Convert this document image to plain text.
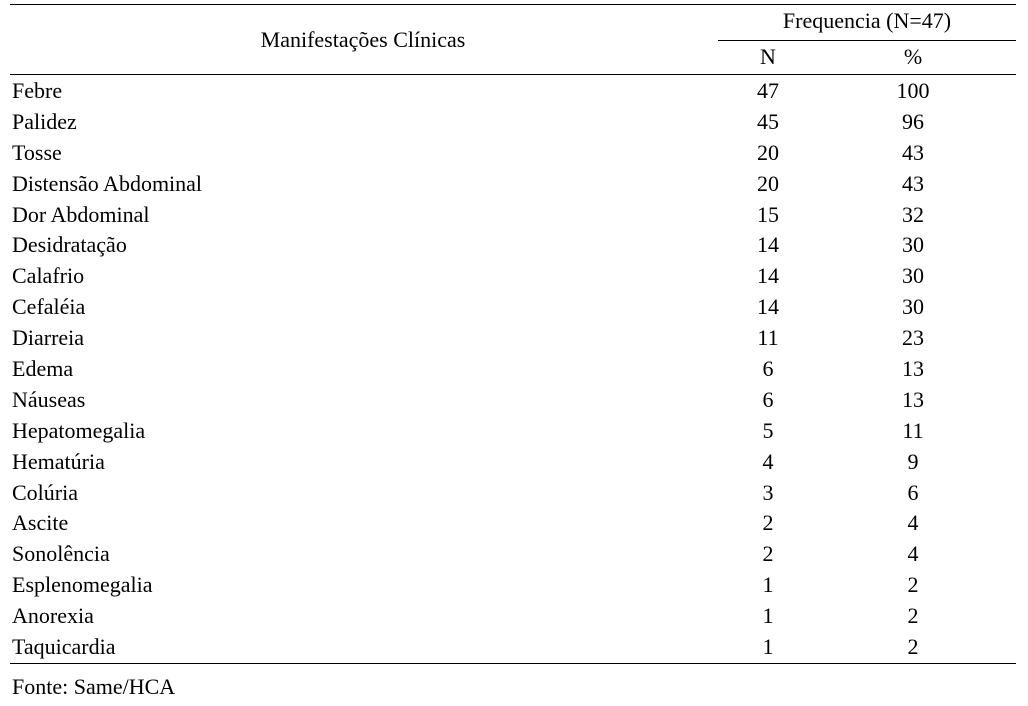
Manifestações Clínicas
Frequencia (N=47)
N	%
Febre	47	100
Palidez	45	96
Tosse	20	43
Distensão Abdominal	20	43
Dor Abdominal	15	32
Desidratação	14	30
Calafrio	14	30
Cefaléia	14	30
Diarreia	11	23
Edema	6	13
Náuseas	6	13
Hepatomegalia	5	11
Hematúria	4	9
Colúria	3	6
Ascite	2	4
Sonolência	2	4
Esplenomegalia	1	2
Anorexia	1	2
Taquicardia	1	2
Fonte: Same/HCA
